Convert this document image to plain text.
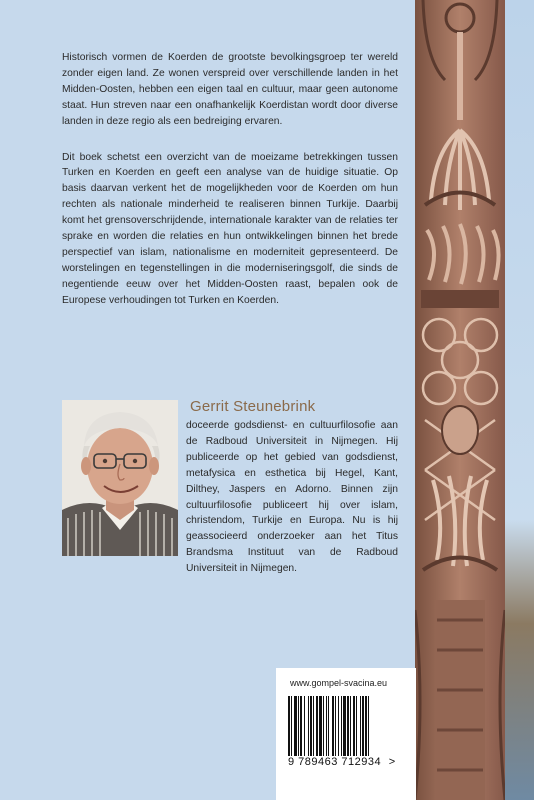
Historisch vormen de Koerden de grootste bevolkingsgroep ter wereld zonder eigen land. Ze wonen verspreid over verschillende landen in het Midden-Oosten, hebben een eigen taal en cultuur, maar geen autonome staat. Hun streven naar een onafhankelijk Koerdistan wordt door diverse landen in deze regio als een bedreiging ervaren.

Dit boek schetst een overzicht van de moeizame betrekkingen tussen Turken en Koerden en geeft een analyse van de huidige situatie. Op basis daarvan verkent het de mogelijkheden voor de Koerden om hun rechten als nationale minderheid te realiseren binnen Turkije. Daarbij komt het grensoverschrijdende, internationale karakter van de relaties ter sprake en worden die relaties en hun ontwikkelingen binnen het brede perspectief van islam, nationalisme en moderniteit gepresenteerd. De worstelingen en tegenstellingen in die moderniseringsgolf, die sinds de negentiende eeuw over het Midden-Oosten raast, bepalen ook de Europese verhoudingen tot Turken en Koerden.

Gerrit Steunebrink

doceerde godsdienst- en cultuurfilosofie aan de Radboud Universiteit in Nijmegen. Hij publiceerde op het gebied van godsdienst, metafysica en esthetica bij Hegel, Kant, Dilthey, Jaspers en Adorno. Binnen zijn cultuurfilosofie publiceert hij over islam, christendom, Turkije en Europa. Nu is hij geassocieerd onderzoeker aan het Titus Brandsma Instituut van de Radboud Universiteit in Nijmegen.

www.gompel-svacina.eu

9 789463 712934 >
